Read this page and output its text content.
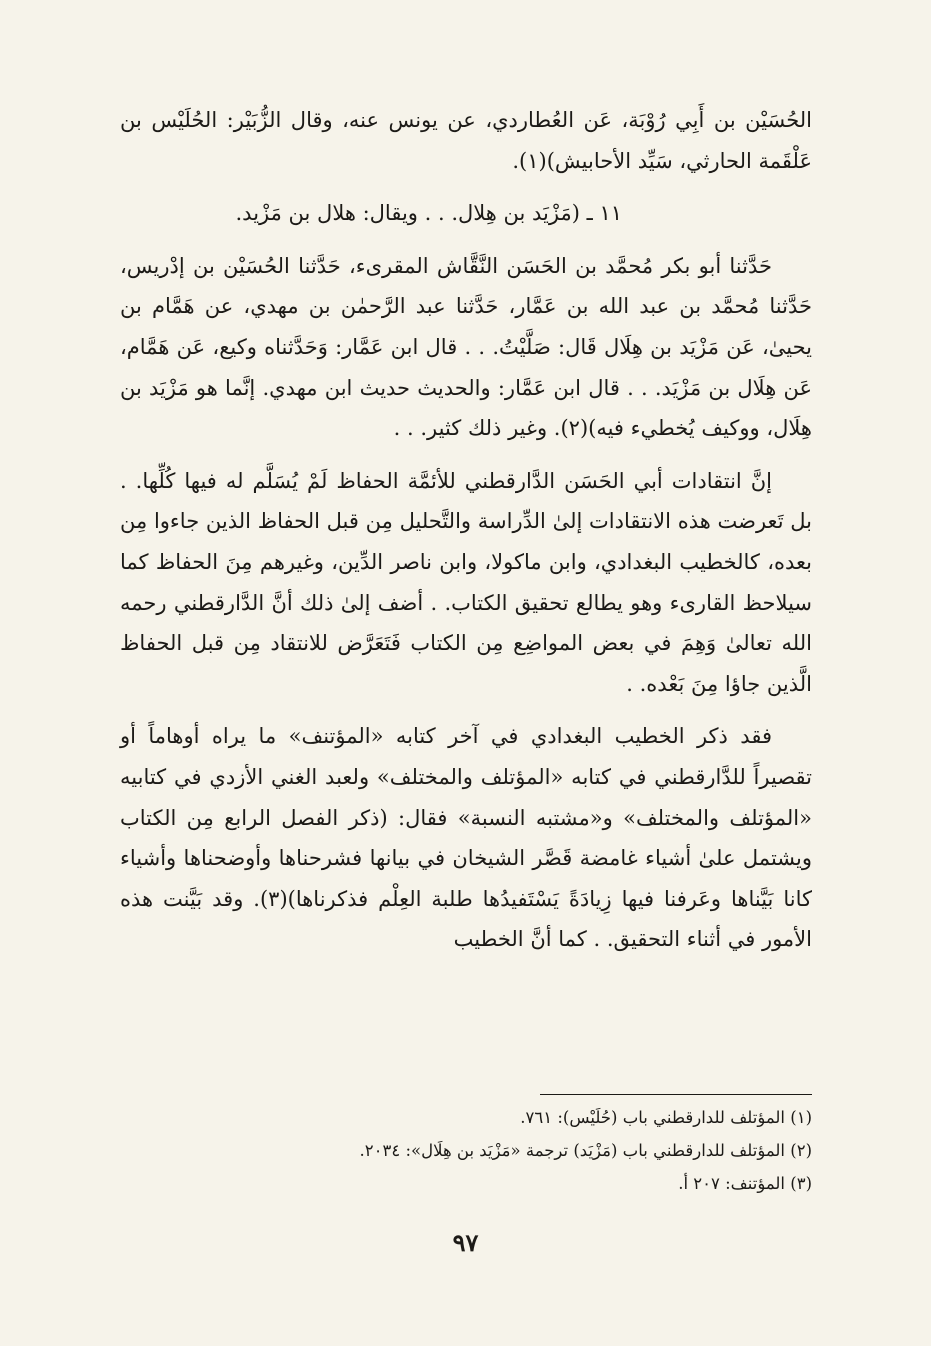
الحُسَيْن بن أَبِي رُوْبَة، عَن العُطاردي، عن يونس عنه، وقال الزُّبَيْر: الحُلَيْس بن عَلْقَمة الحارثي، سَيِّد الأحابيش)(١).

١١ ـ (مَزْيَد بن هِلال. . . ويقال: هلال بن مَزْيد.

حَدَّثنا أبو بكر مُحمَّد بن الحَسَن النَّقَّاش المقرىء، حَدَّثنا الحُسَيْن بن إدْريس، حَدَّثنا مُحمَّد بن عبد الله بن عَمَّار، حَدَّثنا عبد الرَّحمٰن بن مهدي، عن هَمَّام بن يحيىٰ، عَن مَزْيَد بن هِلَال قَال: صَلَّيْتُ. . . قال ابن عَمَّار: وَحَدَّثناه وكيع، عَن هَمَّام، عَن هِلَال بن مَزْيَد. . . قال ابن عَمَّار: والحديث حديث ابن مهدي. إنَّما هو مَزْيَد بن هِلَال، ووكيف يُخطيء فيه)(٢). وغير ذلك كثير. . .

إنَّ انتقادات أبي الحَسَن الدَّارقطني للأئمَّة الحفاظ لَمْ يُسَلَّم له فيها كُلِّها. . بل تَعرضت هذه الانتقادات إلىٰ الدِّراسة والتَّحليل مِن قبل الحفاظ الذين جاءوا مِن بعده، كالخطيب البغدادي، وابن ماكولا، وابن ناصر الدِّين، وغيرهم مِنَ الحفاظ كما سيلاحظ القارىء وهو يطالع تحقيق الكتاب. . أضف إلىٰ ذلك أنَّ الدَّارقطني رحمه الله تعالىٰ وَهِمَ في بعض المواضِع مِن الكتاب فَتَعَرَّض للانتقاد مِن قبل الحفاظ الَّذين جاؤا مِنَ بَعْده. .

فقد ذكر الخطيب البغدادي في آخر كتابه «المؤتنف» ما يراه أوهاماً أو تقصيراً للدَّارقطني في كتابه «المؤتلف والمختلف» ولعبد الغني الأزدي في كتابيه «المؤتلف والمختلف» و«مشتبه النسبة» فقال: (ذكر الفصل الرابع مِن الكتاب ويشتمل علىٰ أشياء غامضة قَصَّر الشيخان في بيانها فشرحناها وأوضحناها وأشياء كانا بَيَّناها وعَرفنا فيها زِيادَةً يَسْتَفيدُها طلبة العِلْم فذكرناها)(٣). وقد بَيَّنت هذه الأمور في أثناء التحقيق. . كما أنَّ الخطيب

(١) المؤتلف للدارقطني باب (حُلَيْس): ٧٦١.
(٢) المؤتلف للدارقطني باب (مَزْيَد) ترجمة «مَزْيَد بن هِلَال»: ٢٠٣٤.
(٣) المؤتنف: ٢٠٧ أ.
٩٧
